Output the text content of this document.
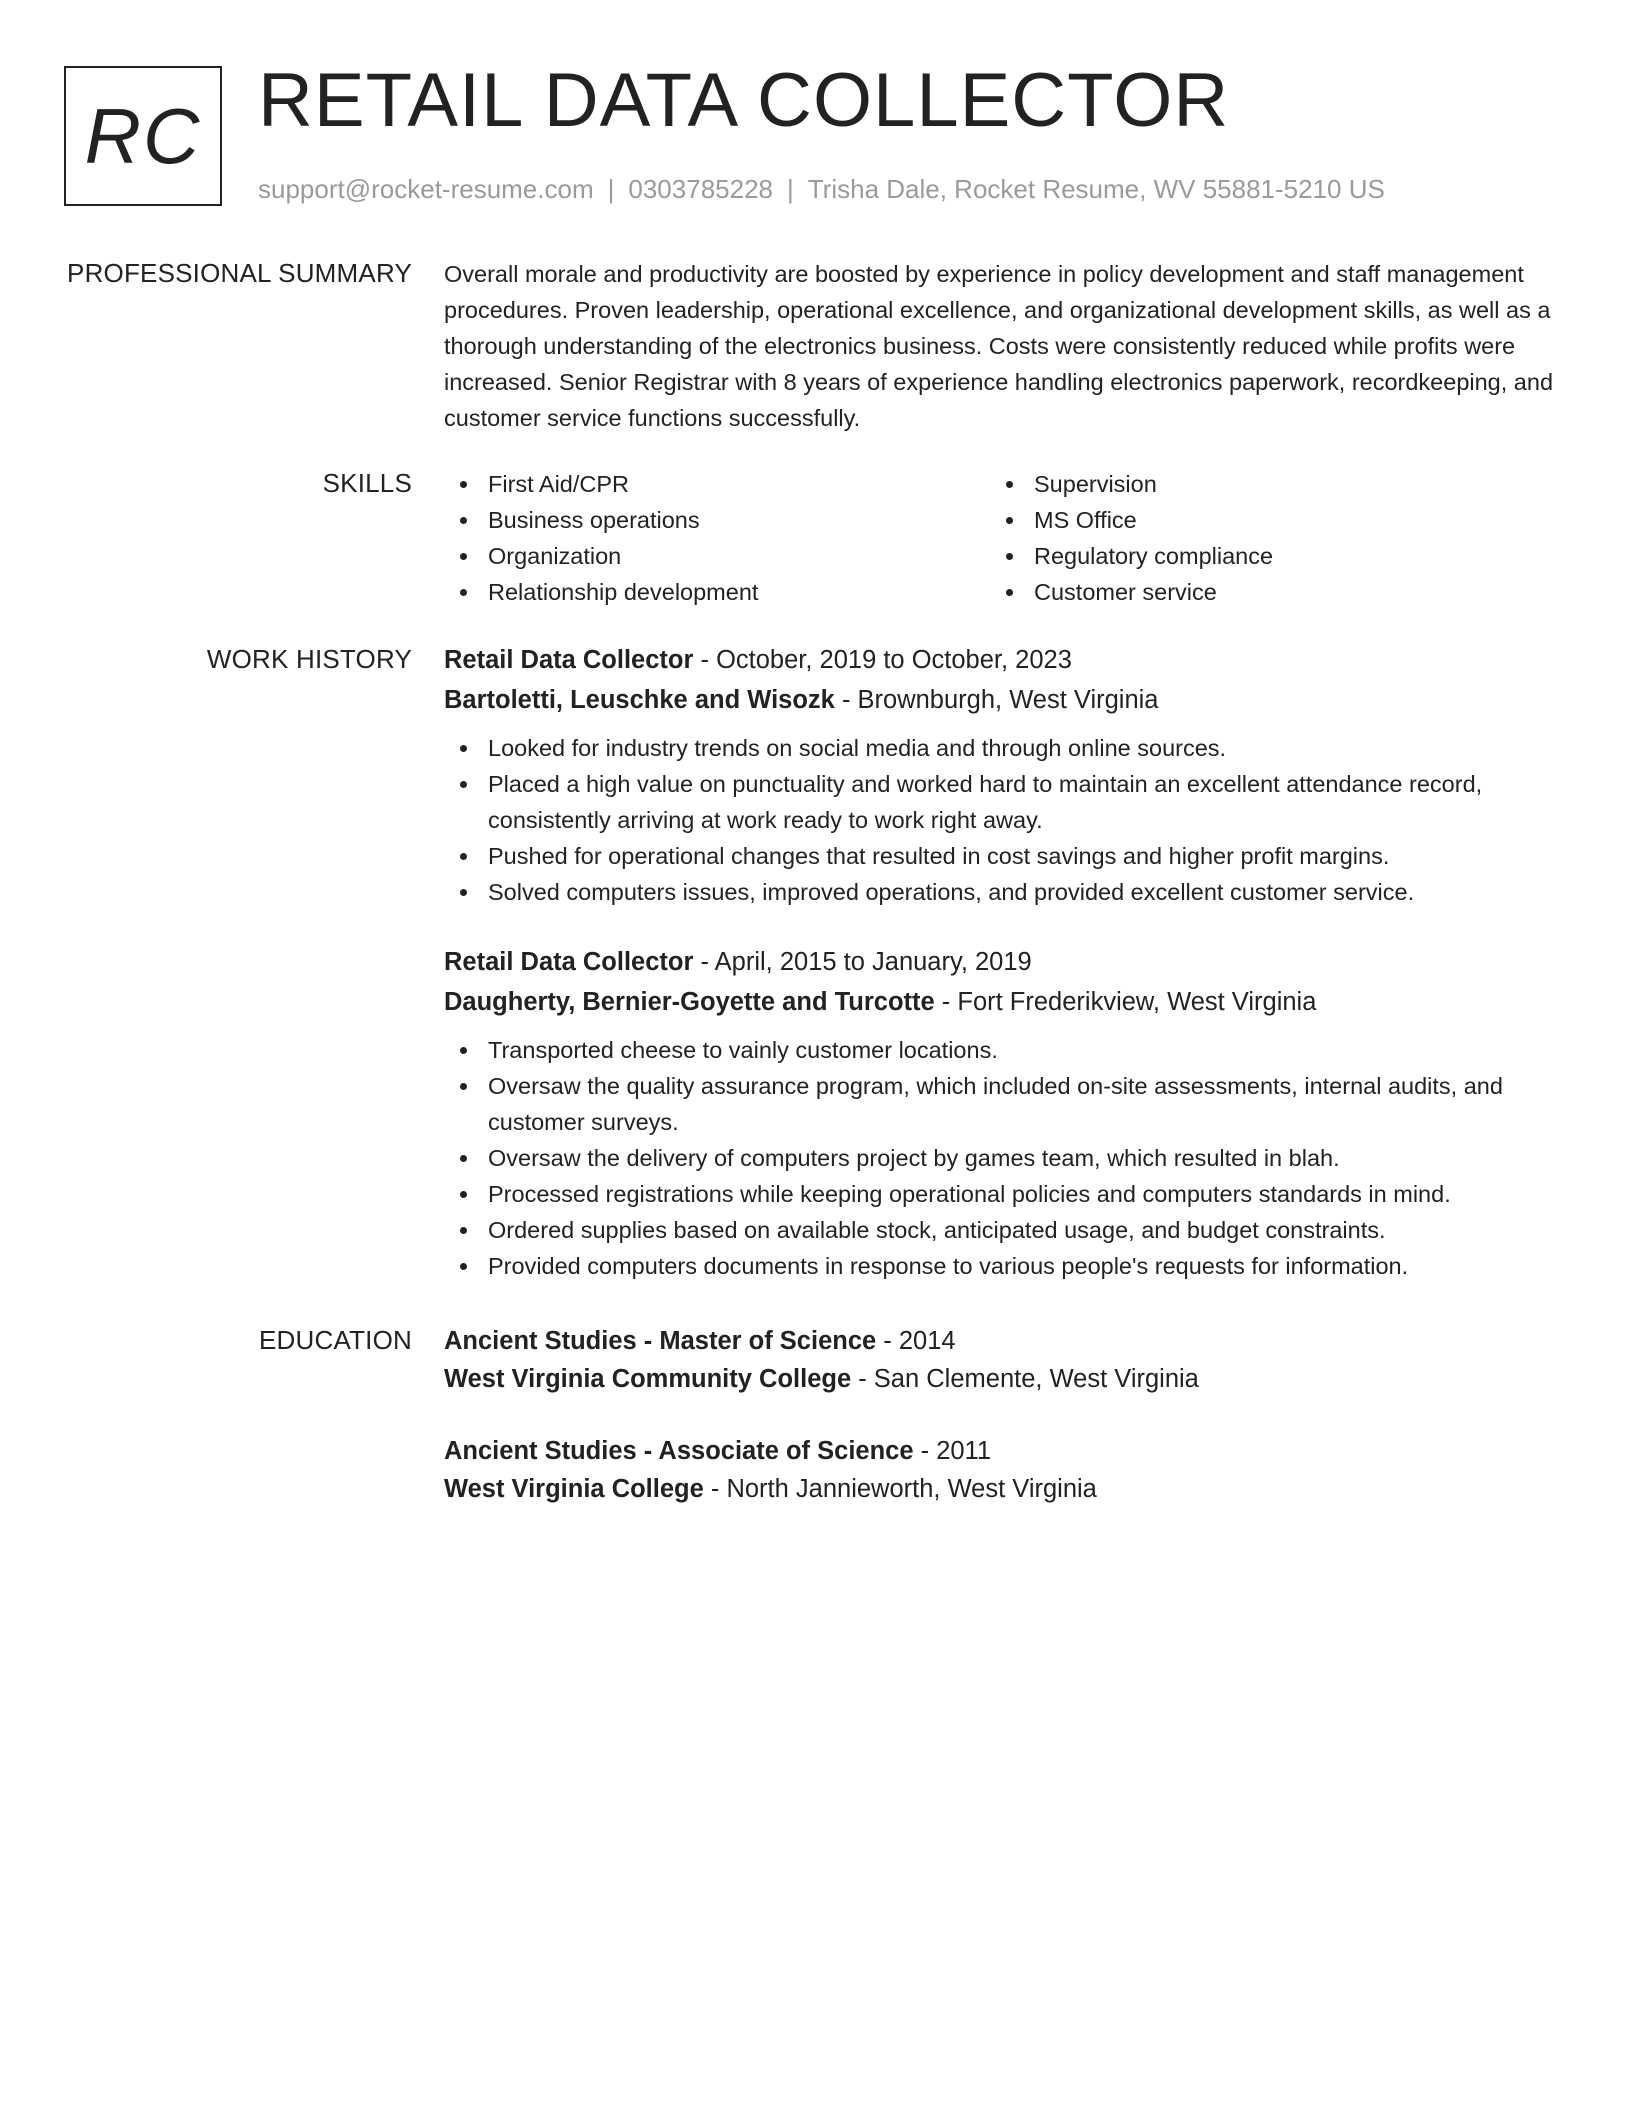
RC RETAIL DATA COLLECTOR
support@rocket-resume.com | 0303785228 | Trisha Dale, Rocket Resume, WV 55881-5210 US
PROFESSIONAL SUMMARY Overall morale and productivity are boosted by experience in policy development and staff management procedures. Proven leadership, operational excellence, and organizational development skills, as well as a thorough understanding of the electronics business. Costs were consistently reduced while profits were increased. Senior Registrar with 8 years of experience handling electronics paperwork, recordkeeping, and customer service functions successfully.

SKILLS	First Aid/CPR
Business operations
Organization
Relationship development
Supervision
MS Office
Regulatory compliance
Customer service
WORK HISTORY Retail Data Collector - October, 2019 to October, 2023
Bartoletti, Leuschke and Wisozk - Brownburgh, West Virginia
Looked for industry trends on social media and through online sources.
Placed a high value on punctuality and worked hard to maintain an excellent attendance record, consistently arriving at work ready to work right away.
Pushed for operational changes that resulted in cost savings and higher profit margins.
Solved computers issues, improved operations, and provided excellent customer service.
Retail Data Collector - April, 2015 to January, 2019
Daugherty, Bernier-Goyette and Turcotte - Fort Frederikview, West Virginia
Transported cheese to vainly customer locations.
Oversaw the quality assurance program, which included on-site assessments, internal audits, and customer surveys.
Oversaw the delivery of computers project by games team, which resulted in blah.
Processed registrations while keeping operational policies and computers standards in mind.
Ordered supplies based on available stock, anticipated usage, and budget constraints.
Provided computers documents in response to various people's requests for information.
EDUCATION Ancient Studies - Master of Science - 2014
West Virginia Community College - San Clemente, West Virginia
Ancient Studies - Associate of Science - 2011
West Virginia College - North Jannieworth, West Virginia
